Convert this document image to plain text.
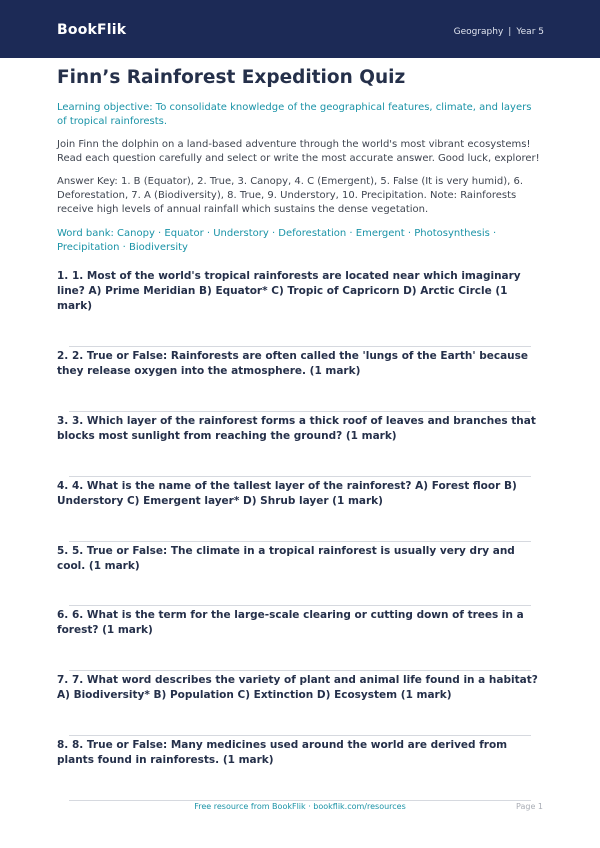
BookFlik	Geography | Year 5
Finn’s Rainforest Expedition Quiz
Learning objective: To consolidate knowledge of the geographical features, climate, and layers of tropical rainforests.
Join Finn the dolphin on a land-based adventure through the world's most vibrant ecosystems! Read each question carefully and select or write the most accurate answer. Good luck, explorer!
Answer Key: 1. B (Equator), 2. True, 3. Canopy, 4. C (Emergent), 5. False (It is very humid), 6. Deforestation, 7. A (Biodiversity), 8. True, 9. Understory, 10. Precipitation. Note: Rainforests receive high levels of annual rainfall which sustains the dense vegetation.
Word bank: Canopy · Equator · Understory · Deforestation · Emergent · Photosynthesis · Precipitation · Biodiversity
1. 1. Most of the world's tropical rainforests are located near which imaginary line? A) Prime Meridian B) Equator* C) Tropic of Capricorn D) Arctic Circle (1 mark)
2. 2. True or False: Rainforests are often called the 'lungs of the Earth' because they release oxygen into the atmosphere. (1 mark)
3. 3. Which layer of the rainforest forms a thick roof of leaves and branches that blocks most sunlight from reaching the ground? (1 mark)
4. 4. What is the name of the tallest layer of the rainforest? A) Forest floor B) Understory C) Emergent layer* D) Shrub layer (1 mark)
5. 5. True or False: The climate in a tropical rainforest is usually very dry and cool. (1 mark)
6. 6. What is the term for the large-scale clearing or cutting down of trees in a forest? (1 mark)
7. 7. What word describes the variety of plant and animal life found in a habitat? A) Biodiversity* B) Population C) Extinction D) Ecosystem (1 mark)
8. 8. True or False: Many medicines used around the world are derived from plants found in rainforests. (1 mark)
Free resource from BookFlik · bookflik.com/resources	Page 1
